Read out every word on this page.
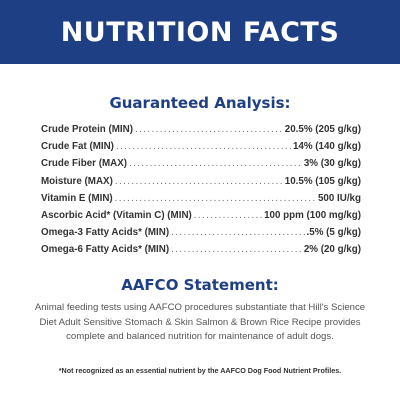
NUTRITION FACTS
Guaranteed Analysis:
Crude Protein (MIN) .....	20.5% (205 g/kg)
Crude Fat (MIN) .....	14% (140 g/kg)
Crude Fiber (MAX) .....	3% (30 g/kg)
Moisture (MAX) .....	10.5% (105 g/kg)
Vitamin E (MIN) .....	500 IU/kg
Ascorbic Acid* (Vitamin C) (MIN) .....	100 ppm (100 mg/kg)
Omega-3 Fatty Acids* (MIN) .....	.5% (5 g/kg)
Omega-6 Fatty Acids* (MIN) .....	2% (20 g/kg)
AAFCO Statement:

Animal feeding tests using AAFCO procedures substantiate that Hill's Science Diet Adult Sensitive Stomach & Skin Salmon & Brown Rice Recipe provides complete and balanced nutrition for maintenance of adult dogs.

*Not recognized as an essential nutrient by the AAFCO Dog Food Nutrient Profiles.
